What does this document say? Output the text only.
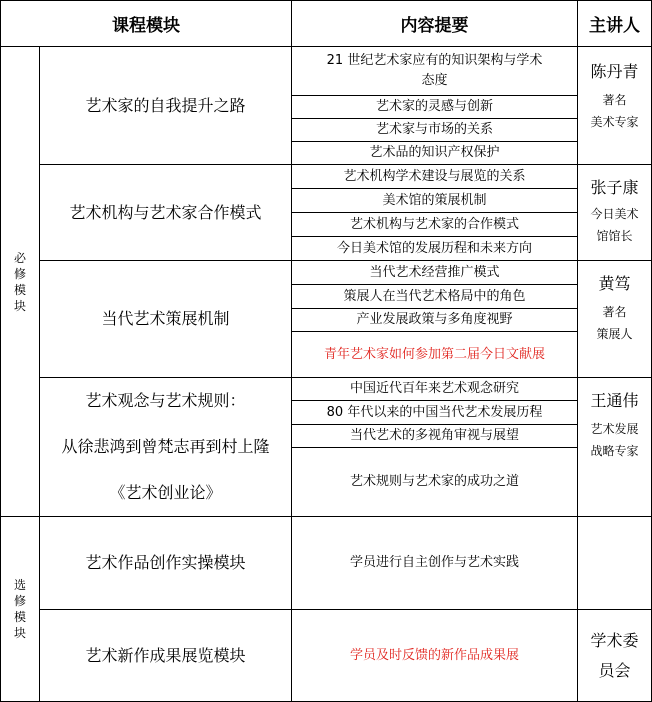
课程模块	内容提要	主讲人
必
修
模
块
选
修
模
块
艺术家的自我提升之路
艺术机构与艺术家合作模式
当代艺术策展机制
艺术观念与艺术规则：
从徐悲鸿到曾梵志再到村上隆
《艺术创业论》
艺术作品创作实操模块
艺术新作成果展览模块
21 世纪艺术家应有的知识架构与学术
态度
艺术家的灵感与创新
艺术家与市场的关系
艺术品的知识产权保护
艺术机构学术建设与展览的关系
美术馆的策展机制
艺术机构与艺术家的合作模式
今日美术馆的发展历程和未来方向
当代艺术经营推广模式
策展人在当代艺术格局中的角色
产业发展政策与多角度视野
青年艺术家如何参加第二届今日文献展
中国近代百年来艺术观念研究
80 年代以来的中国当代艺术发展历程
当代艺术的多视角审视与展望
艺术规则与艺术家的成功之道
学员进行自主创作与艺术实践
学员及时反馈的新作品成果展
陈丹青
著名
美术专家
张子康
今日美术
馆馆长
黄笃
著名
策展人
王通伟
艺术发展
战略专家
学术委
员会
